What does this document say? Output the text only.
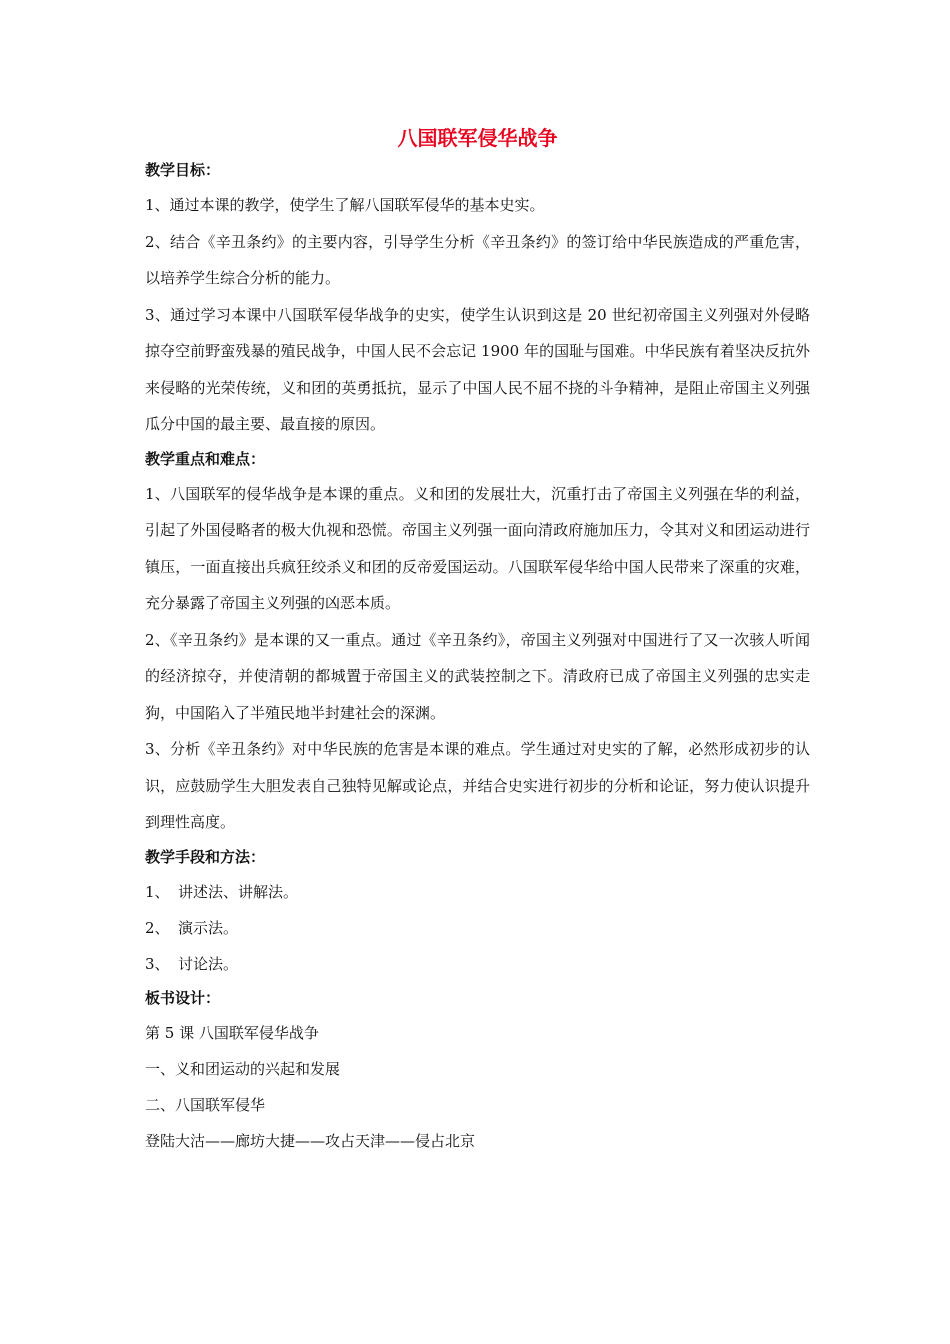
八国联军侵华战争
教学目标：
1、通过本课的教学，使学生了解八国联军侵华的基本史实。
2、结合《辛丑条约》的主要内容，引导学生分析《辛丑条约》的签订给中华民族造成的严重危害，以培养学生综合分析的能力。
3、通过学习本课中八国联军侵华战争的史实，使学生认识到这是 20 世纪初帝国主义列强对外侵略掠夺空前野蛮残暴的殖民战争，中国人民不会忘记 1900 年的国耻与国难。中华民族有着坚决反抗外来侵略的光荣传统，义和团的英勇抵抗，显示了中国人民不屈不挠的斗争精神，是阻止帝国主义列强瓜分中国的最主要、最直接的原因。
教学重点和难点：
1、八国联军的侵华战争是本课的重点。义和团的发展壮大，沉重打击了帝国主义列强在华的利益，引起了外国侵略者的极大仇视和恐慌。帝国主义列强一面向清政府施加压力，令其对义和团运动进行镇压，一面直接出兵疯狂绞杀义和团的反帝爱国运动。八国联军侵华给中国人民带来了深重的灾难，充分暴露了帝国主义列强的凶恶本质。
2、《辛丑条约》是本课的又一重点。通过《辛丑条约》，帝国主义列强对中国进行了又一次骇人听闻的经济掠夺，并使清朝的都城置于帝国主义的武装控制之下。清政府已成了帝国主义列强的忠实走狗，中国陷入了半殖民地半封建社会的深渊。
3、分析《辛丑条约》对中华民族的危害是本课的难点。学生通过对史实的了解，必然形成初步的认识，应鼓励学生大胆发表自己独特见解或论点，并结合史实进行初步的分析和论证，努力使认识提升到理性高度。
教学手段和方法：
1、 讲述法、讲解法。
2、 演示法。
3、 讨论法。
板书设计：
第 5 课 八国联军侵华战争
一、义和团运动的兴起和发展
二、八国联军侵华
登陆大沽——廊坊大捷——攻占天津——侵占北京
